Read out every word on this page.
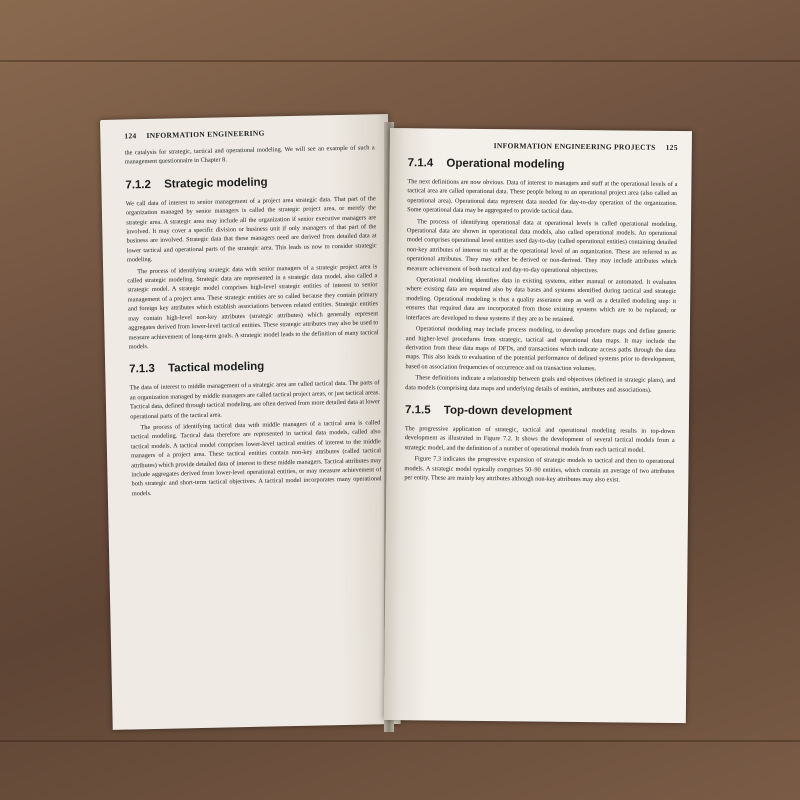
124 INFORMATION ENGINEERING

the catalysis for strategic, tactical and operational modeling. We will see an example of such a management questionnaire in Chapter 8.

7.1.2 Strategic modeling

We call data of interest to senior management of a project area strategic data. That part of the organization managed by senior managers is called the strategic project area, or merely the strategic area. A strategic area may include all the organization if senior executive managers are involved. It may cover a specific division or business unit if only managers of that part of the business are involved. Strategic data that these managers need are derived from detailed data at lower tactical and operational parts of the strategic area. This leads us now to consider strategic modeling.

The process of identifying strategic data with senior managers of a strategic project area is called strategic modeling. Strategic data are represented in a strategic data model, also called a strategic model. A strategic model comprises high-level strategic entities of interest to senior management of a project area. These strategic entities are so called because they contain primary and foreign key attributes which establish associations between related entities. Strategic entities may contain high-level non-key attributes (strategic attributes) which generally represent aggregates derived from lower-level tactical entities. These strategic attributes may also be used to measure achievement of long-term goals. A strategic model leads to the definition of many tactical models.

7.1.3 Tactical modeling

The data of interest to middle management of a strategic area are called tactical data. The parts of an organization managed by middle managers are called tactical project areas, or just tactical areas. Tactical data, defined through tactical modeling, are often derived from more detailed data at lower operational parts of the tactical area.

The process of identifying tactical data with middle managers of a tactical area is called tactical modeling. Tactical data therefore are represented in tactical data models, called also tactical models. A tactical model comprises lower-level tactical entities of interest to the middle managers of a project area. These tactical entities contain non-key attributes (called tactical attributes) which provide detailed data of interest to these middle managers. Tactical attributes may include aggregates derived from lower-level operational entities, or may measure achievement of both strategic and short-term tactical objectives. A tactical model incorporates many operational models.

INFORMATION ENGINEERING PROJECTS 125
7.1.4 Operational modeling

The next definitions are now obvious. Data of interest to managers and staff at the operational levels of a tactical area are called operational data. These people belong to an operational project area (also called an operational area). Operational data represent data needed for day-to-day operation of the organization. Some operational data may be aggregated to provide tactical data.

The process of identifying operational data at operational levels is called operational modeling. Operational data are shown in operational data models, also called operational models. An operational model comprises operational level entities used day-to-day (called operational entities) containing detailed non-key attributes of interest to staff at the operational level of an organization. These are referred to as operational attributes. They may either be derived or non-derived. They may include attributes which measure achievement of both tactical and day-to-day operational objectives.

Operational modeling identifies data in existing systems, either manual or automated. It evaluates where existing data are required also by data bases and systems identified during tactical and strategic modeling. Operational modeling is thus a quality assurance step as well as a detailed modeling step: it ensures that required data are incorporated from those existing systems which are to be replaced; or interfaces are developed to these systems if they are to be retained.

Operational modeling may include process modeling, to develop procedure maps and define generic and higher-level procedures from strategic, tactical and operational data maps. It may include the derivation from these data maps of DFDs, and transactions which indicate access paths through the data maps. This also leads to evaluation of the potential performance of defined systems prior to development, based on association frequencies of occurrence and on transaction volumes.

These definitions indicate a relationship between goals and objectives (defined in strategic plans), and data models (comprising data maps and underlying details of entities, attributes and associations).

7.1.5 Top-down development

The progressive application of strategic, tactical and operational modeling results in top-down development as illustrated in Figure 7.2. It shows the development of several tactical models from a strategic model, and the definition of a number of operational models from each tactical model.

Figure 7.3 indicates the progressive expansion of strategic models to tactical and then to operational models. A strategic model typically comprises 50–90 entities, which contain an average of two attributes per entity. These are mainly key attributes although non-key attributes may also exist.
